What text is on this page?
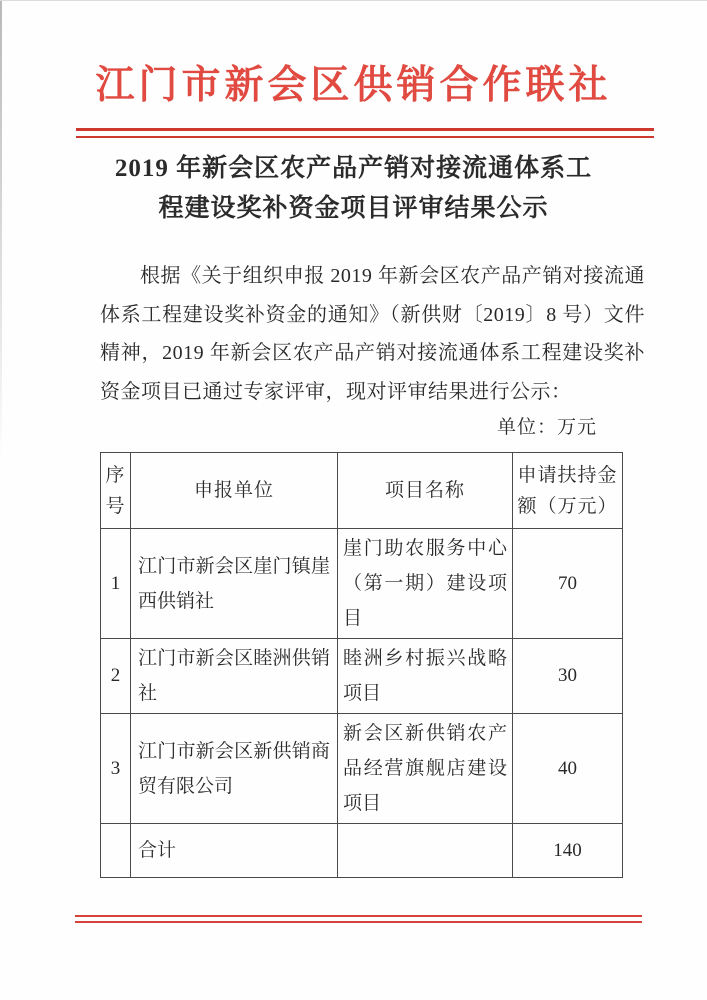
江门市新会区供销合作联社
2019 年新会区农产品产销对接流通体系工
程建设奖补资金项目评审结果公示
根据《关于组织申报 2019 年新会区农产品产销对接流通体系工程建设奖补资金的通知》（新供财〔2019〕8 号）文件精神，2019 年新会区农产品产销对接流通体系工程建设奖补资金项目已通过专家评审，现对评审结果进行公示：
单位：万元
序号	申报单位	项目名称	申请扶持金额（万元）
1	江门市新会区崖门镇崖西供销社	崖门助农服务中心（第一期）建设项目	70
2	江门市新会区睦洲供销社	睦洲乡村振兴战略项目	30
3	江门市新会区新供销商贸有限公司	新会区新供销农产品经营旗舰店建设项目	40
	合计		140
